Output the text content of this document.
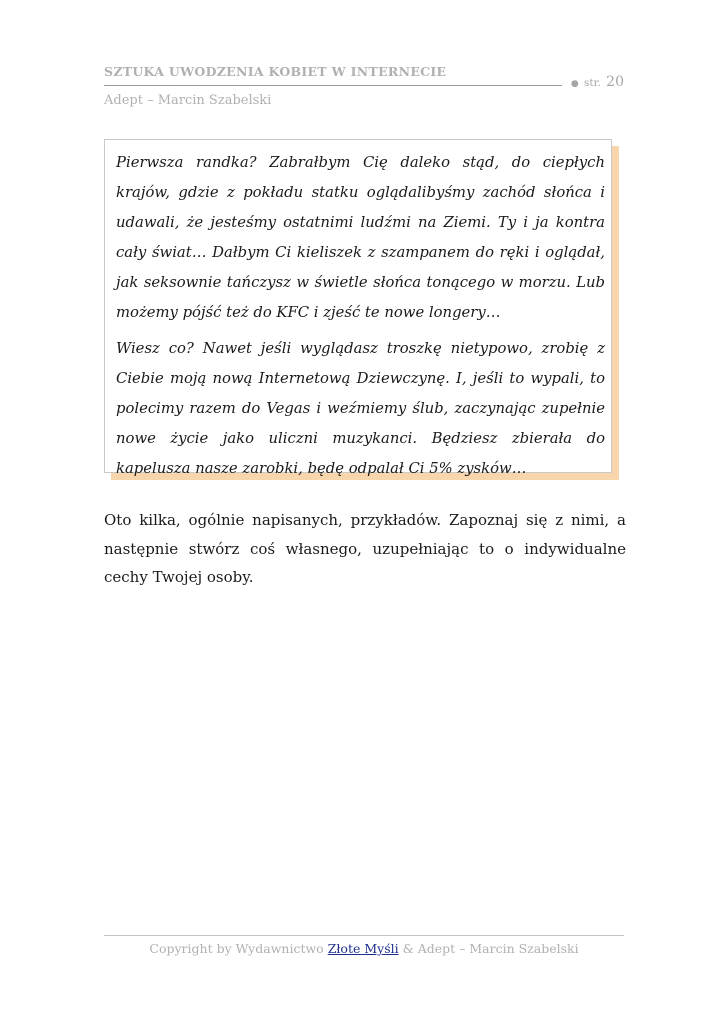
SZTUKA UWODZENIA KOBIET W INTERNECIE
● str. 20
Adept – Marcin Szabelski

Pierwsza randka? Zabrałbym Cię daleko stąd, do ciepłych krajów, gdzie z pokładu statku oglądalibyśmy zachód słońca i udawali, że jesteśmy ostatnimi ludźmi na Ziemi. Ty i ja kontra cały świat… Dałbym Ci kieliszek z szampanem do ręki i oglądał, jak seksownie tańczysz w świetle słońca tonącego w morzu. Lub możemy pójść też do KFC i zjeść te nowe longery…

Wiesz co? Nawet jeśli wyglądasz troszkę nietypowo, zrobię z Ciebie moją nową Internetową Dziewczynę. I, jeśli to wypali, to polecimy razem do Vegas i weźmiemy ślub, zaczynając zupełnie nowe życie jako uliczni muzykanci. Będziesz zbierała do kapelusza nasze zarobki, będę odpalał Ci 5% zysków…

Oto kilka, ogólnie napisanych, przykładów. Zapoznaj się z nimi, a następnie stwórz coś własnego, uzupełniając to o indywidualne cechy Twojej osoby.

Copyright by Wydawnictwo Złote Myśli & Adept – Marcin Szabelski
